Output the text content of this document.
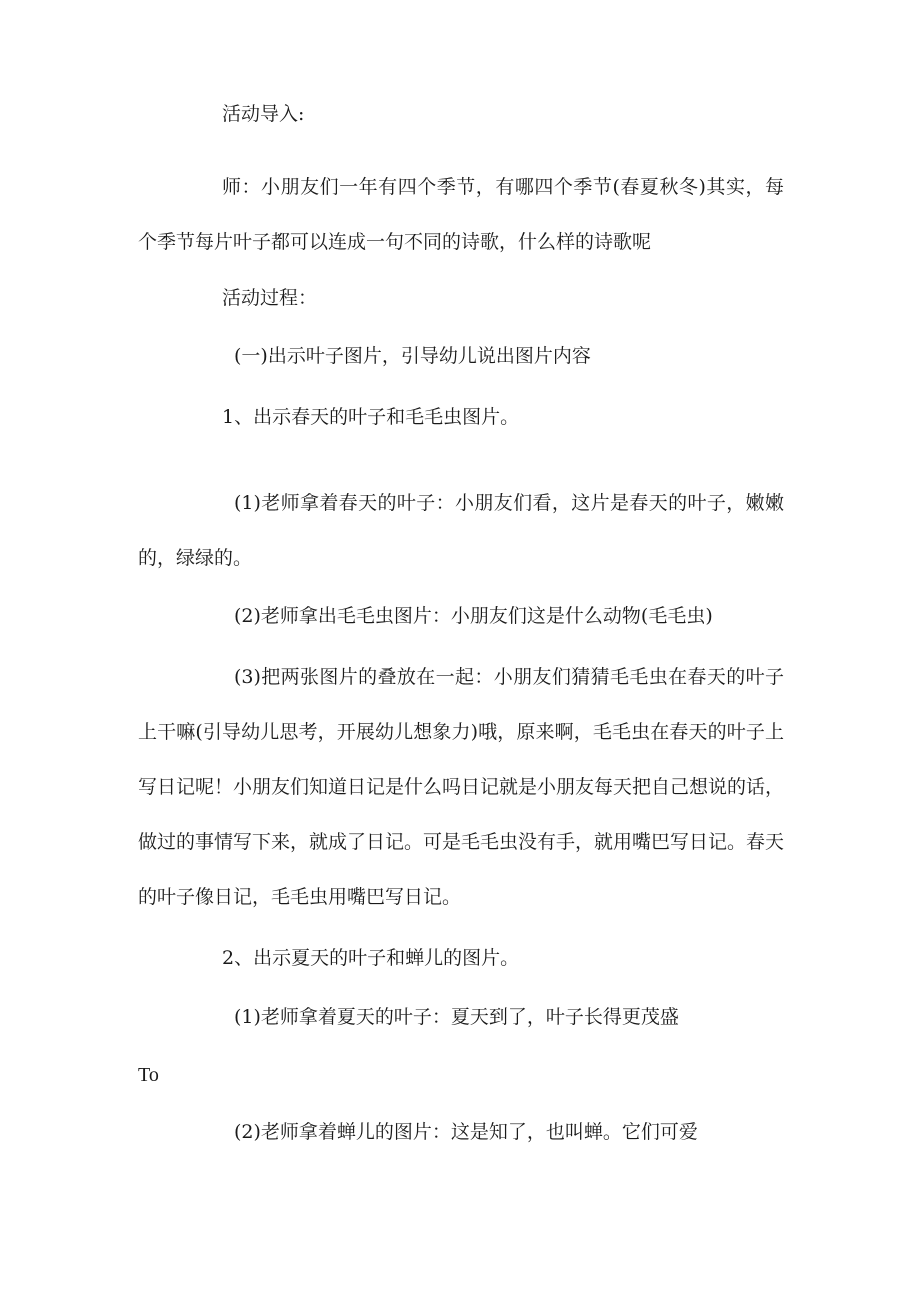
活动导入:

师：小朋友们一年有四个季节，有哪四个季节(春夏秋冬)其实，每个季节每片叶子都可以连成一句不同的诗歌，什么样的诗歌呢

活动过程：

(一)出示叶子图片，引导幼儿说出图片内容

1、出示春天的叶子和毛毛虫图片。

(1)老师拿着春天的叶子：小朋友们看，这片是春天的叶子，嫩嫩的，绿绿的。

(2)老师拿出毛毛虫图片：小朋友们这是什么动物(毛毛虫)

(3)把两张图片的叠放在一起：小朋友们猜猜毛毛虫在春天的叶子上干嘛(引导幼儿思考，开展幼儿想象力)哦，原来啊，毛毛虫在春天的叶子上写日记呢！小朋友们知道日记是什么吗日记就是小朋友每天把自己想说的话，做过的事情写下来，就成了日记。可是毛毛虫没有手，就用嘴巴写日记。春天的叶子像日记，毛毛虫用嘴巴写日记。

2、出示夏天的叶子和蝉儿的图片。

(1)老师拿着夏天的叶子：夏天到了，叶子长得更茂盛

To

(2)老师拿着蝉儿的图片：这是知了，也叫蝉。它们可爱
